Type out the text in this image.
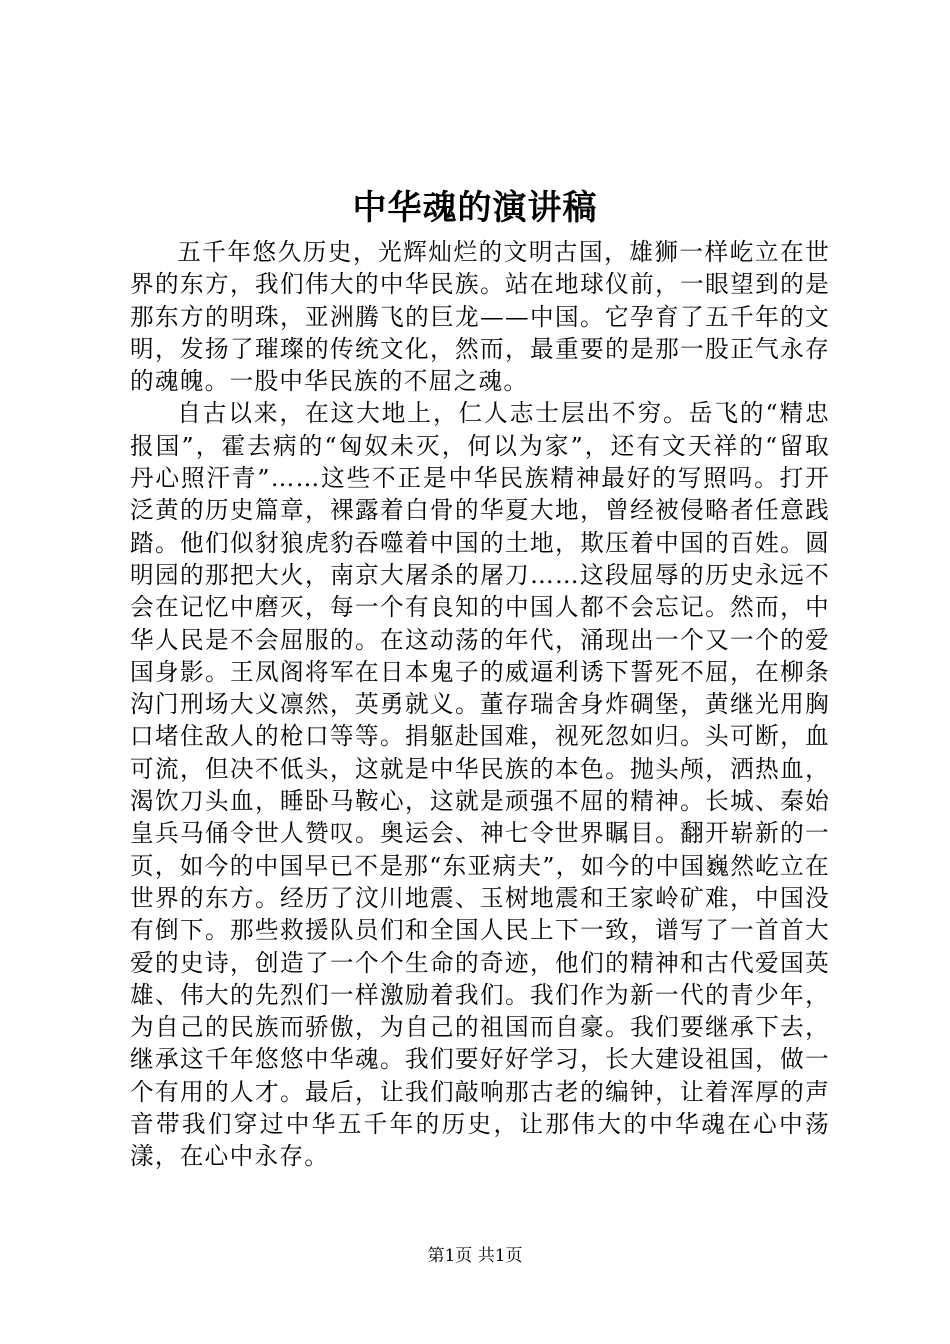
中华魂的演讲稿

五千年悠久历史，光辉灿烂的文明古国，雄狮一样屹立在世界的东方，我们伟大的中华民族。站在地球仪前，一眼望到的是那东方的明珠，亚洲腾飞的巨龙——中国。它孕育了五千年的文明，发扬了璀璨的传统文化，然而，最重要的是那一股正气永存的魂魄。一股中华民族的不屈之魂。

自古以来，在这大地上，仁人志士层出不穷。岳飞的“精忠报国”，霍去病的“匈奴未灭，何以为家”，还有文天祥的“留取丹心照汗青”……这些不正是中华民族精神最好的写照吗。打开泛黄的历史篇章，裸露着白骨的华夏大地，曾经被侵略者任意践踏。他们似豺狼虎豹吞噬着中国的土地，欺压着中国的百姓。圆明园的那把大火，南京大屠杀的屠刀……这段屈辱的历史永远不会在记忆中磨灭，每一个有良知的中国人都不会忘记。然而，中华人民是不会屈服的。在这动荡的年代，涌现出一个又一个的爱国身影。王凤阁将军在日本鬼子的威逼利诱下誓死不屈，在柳条沟门刑场大义凛然，英勇就义。董存瑞舍身炸碉堡，黄继光用胸口堵住敌人的枪口等等。捐躯赴国难，视死忽如归。头可断，血可流，但决不低头，这就是中华民族的本色。抛头颅，洒热血，渴饮刀头血，睡卧马鞍心，这就是顽强不屈的精神。长城、秦始皇兵马俑令世人赞叹。奥运会、神七令世界瞩目。翻开崭新的一页，如今的中国早已不是那“东亚病夫”，如今的中国巍然屹立在世界的东方。经历了汶川地震、玉树地震和王家岭矿难，中国没有倒下。那些救援队员们和全国人民上下一致，谱写了一首首大爱的史诗，创造了一个个生命的奇迹，他们的精神和古代爱国英雄、伟大的先烈们一样激励着我们。我们作为新一代的青少年，为自己的民族而骄傲，为自己的祖国而自豪。我们要继承下去，继承这千年悠悠中华魂。我们要好好学习，长大建设祖国，做一个有用的人才。最后，让我们敲响那古老的编钟，让着浑厚的声音带我们穿过中华五千年的历史，让那伟大的中华魂在心中荡漾，在心中永存。

第1页 共1页
